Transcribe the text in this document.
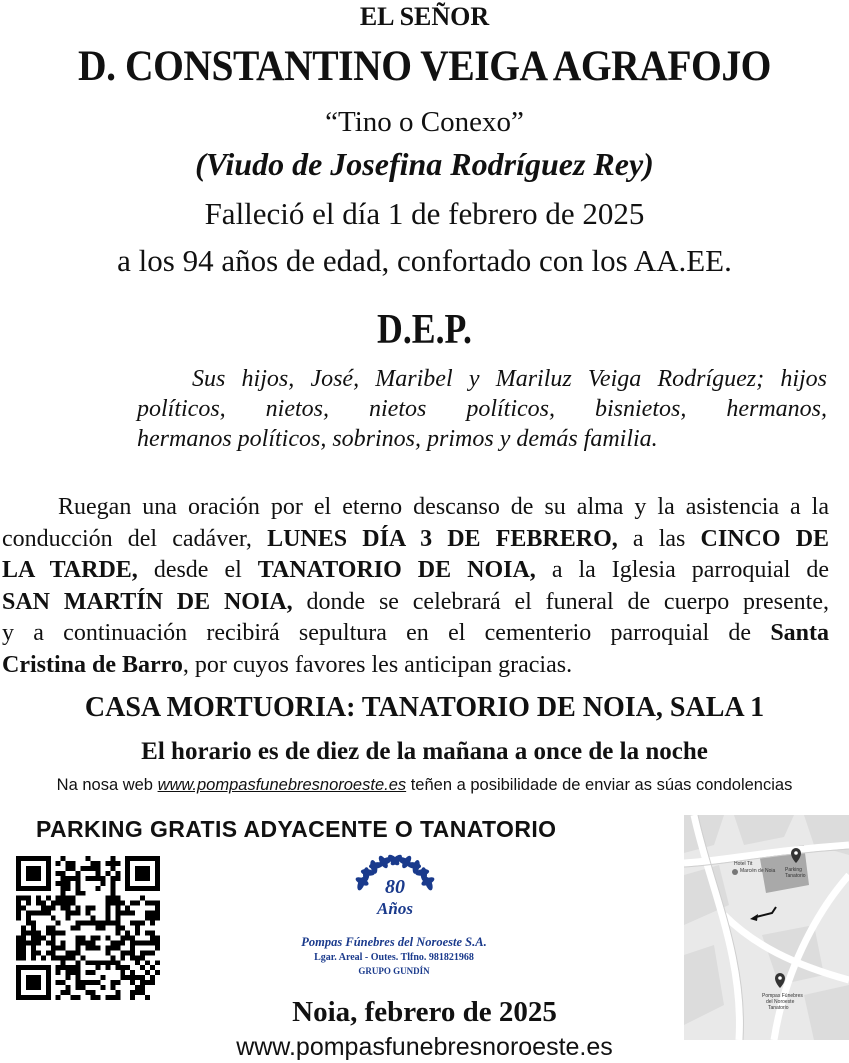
EL SEÑOR
D. CONSTANTINO VEIGA AGRAFOJO
“Tino o Conexo”
(Viudo de Josefina Rodríguez Rey)
Falleció el día 1 de febrero de 2025
a los 94 años de edad, confortado con los AA.EE.
D.E.P.
Sus hijos, José, Maribel y Mariluz Veiga Rodríguez; hijos
políticos, nietos, nietos políticos, bisnietos, hermanos,
hermanos políticos, sobrinos, primos y demás familia.
Ruegan una oración por el eterno descanso de su alma y la asistencia a la
conducción del cadáver, LUNES DÍA 3 DE FEBRERO, a las CINCO DE
LA TARDE, desde el TANATORIO DE NOIA, a la Iglesia parroquial de
SAN MARTÍN DE NOIA, donde se celebrará el funeral de cuerpo presente,
y a continuación recibirá sepultura en el cementerio parroquial de Santa
Cristina de Barro, por cuyos favores les anticipan gracias.
CASA MORTUORIA: TANATORIO DE NOIA, SALA 1
El horario es de diez de la mañana a once de la noche
Na nosa web www.pompasfunebresnoroeste.es teñen a posibilidade de enviar as súas condolencias
PARKING GRATIS ADYACENTE O TANATORIO
80
Años
Pompas Fúnebres del Noroeste S.A.
Lgar. Areal - Outes. Tlfno. 981821968
GRUPO GUNDÍN
Hotel Tit
Marcén de Noia Parking
Tanatorio
Pompas Fúnebres
del Noroeste
Tanatorio
Noia, febrero de 2025
www.pompasfunebresnoroeste.es
